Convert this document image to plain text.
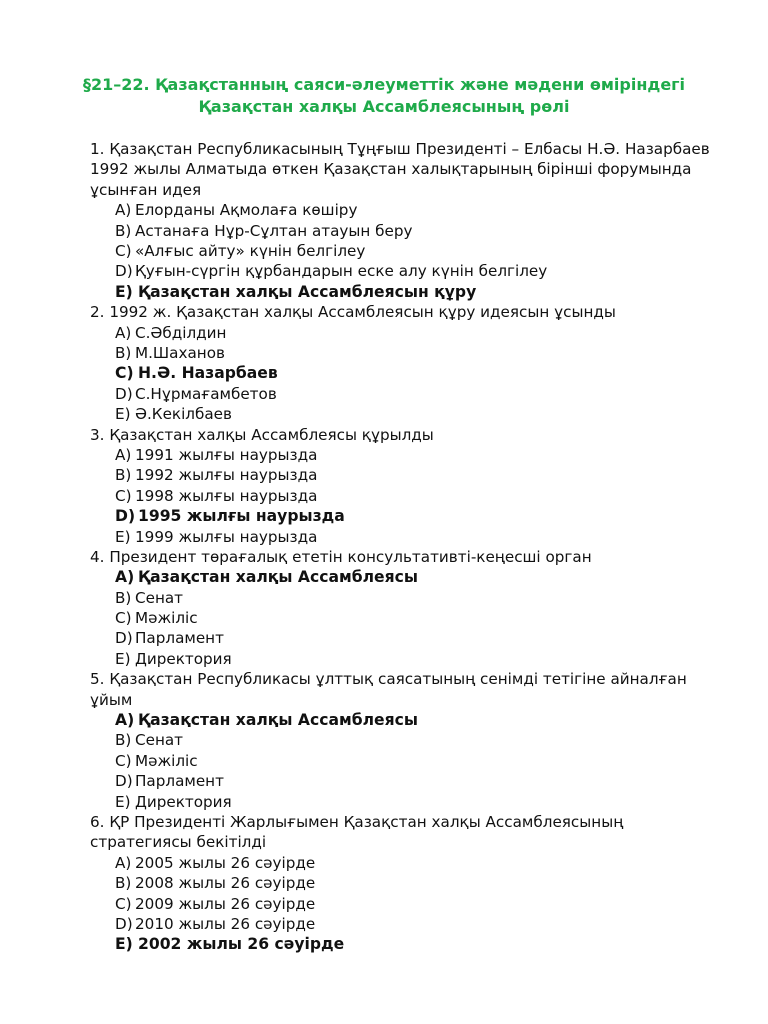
§21–22. Қазақстанның саяси-әлеуметтік және мәдени өміріндегі
Қазақстан халқы Ассамблеясының рөлі

1. Қазақстан Республикасының Тұңғыш Президенті – Елбасы Н.Ә. Назарбаев 1992 жылы Алматыда өткен Қазақстан халықтарының бірінші форумында ұсынған идея

A) Елорданы Ақмолаға көшіру
B) Астанаға Нұр-Сұлтан атауын беру
C) «Алғыс айту» күнін белгілеу
D) Қуғын-сүргін құрбандарын еске алу күнін белгілеу
E) Қазақстан халқы Ассамблеясын құру

2. 1992 ж. Қазақстан халқы Ассамблеясын құру идеясын ұсынды

A) С.Әбділдин
B) М.Шаханов
C) Н.Ә. Назарбаев
D) С.Нұрмағамбетов
E) Ә.Кекілбаев

3. Қазақстан халқы Ассамблеясы құрылды

A) 1991 жылғы наурызда
B) 1992 жылғы наурызда
C) 1998 жылғы наурызда
D) 1995 жылғы наурызда
E) 1999 жылғы наурызда

4. Президент төрағалық ететін консультативті-кеңесші орган

A) Қазақстан халқы Ассамблеясы
B) Сенат
C) Мәжіліс
D) Парламент
E) Директория

5. Қазақстан Республикасы ұлттық саясатының сенімді тетігіне айналған ұйым

A) Қазақстан халқы Ассамблеясы
B) Сенат
C) Мәжіліс
D) Парламент
E) Директория

6. ҚР Президенті Жарлығымен Қазақстан халқы Ассамблеясының стратегиясы бекітілді

A) 2005 жылы 26 сәуірде
B) 2008 жылы 26 сәуірде
C) 2009 жылы 26 сәуірде
D) 2010 жылы 26 сәуірде
E) 2002 жылы 26 сәуірде
